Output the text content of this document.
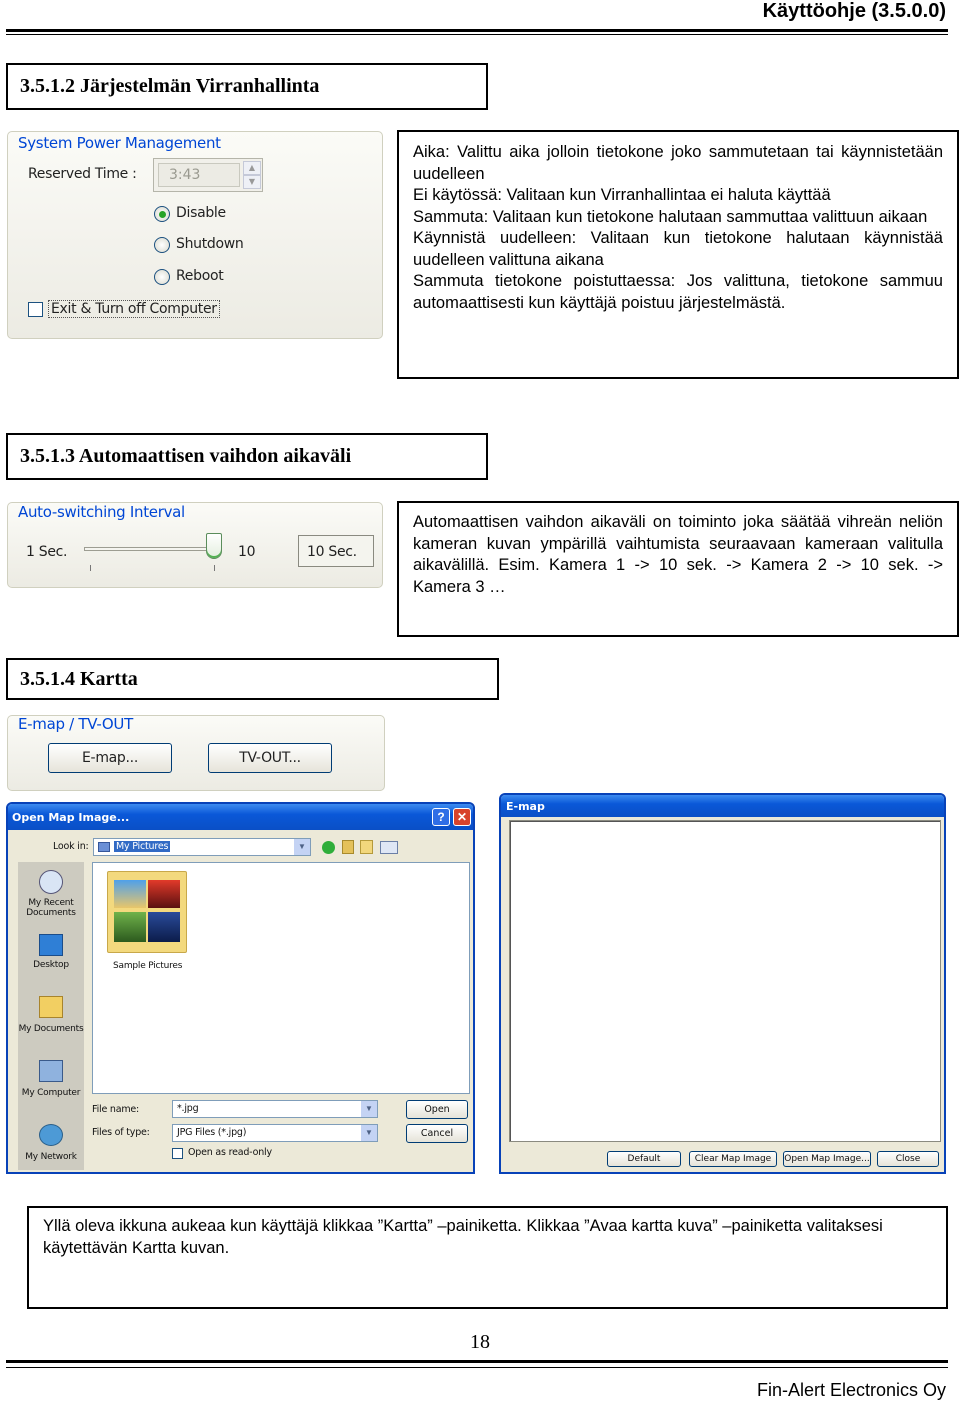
Käyttöohje (3.5.0.0)
3.5.1.2 Järjestelmän Virranhallinta
System Power Management
Reserved Time :	3:43	▲
▼
Disable
Shutdown
Reboot
Exit & Turn off Computer
Aika: Valittu aika jolloin tietokone joko sammutetaan tai käynnistetään uudelleen
Ei käytössä: Valitaan kun Virranhallintaa ei haluta käyttää
Sammuta: Valitaan kun tietokone halutaan sammuttaa valittuun aikaan
Käynnistä uudelleen: Valitaan kun tietokone halutaan käynnistää uudelleen valittuna aikana
Sammuta tietokone poistuttaessa: Jos valittuna, tietokone sammuu automaattisesti kun käyttäjä poistuu järjestelmästä.
3.5.1.3 Automaattisen vaihdon aikaväli
Auto-switching Interval
1 Sec.	10	10 Sec.
Automaattisen vaihdon aikaväli on toiminto joka säätää vihreän neliön kameran kuvan ympärillä vaihtumista seuraavaan kameraan valitulla aikavälillä. Esim. Kamera 1 -> 10 sek. -> Kamera 2 -> 10 sek. -> Kamera 3 …
3.5.1.4 Kartta
E-map / TV-OUT
E-map...	TV-OUT...
Open Map Image...	?	✕
Look in:	My Pictures	▼
My Recent Documents
Desktop
My Documents
My Computer
My Network
Sample Pictures
File name:	*.jpg	▼	Open
Files of type:	JPG Files (*.jpg)	▼	Cancel
Open as read-only
E-map
Default	Clear Map Image	Open Map Image...	Close
Yllä oleva ikkuna aukeaa kun käyttäjä klikkaa ”Kartta” –painiketta. Klikkaa ”Avaa kartta kuva” –painiketta valitaksesi käytettävän Kartta kuvan.
18
Fin-Alert Electronics Oy
